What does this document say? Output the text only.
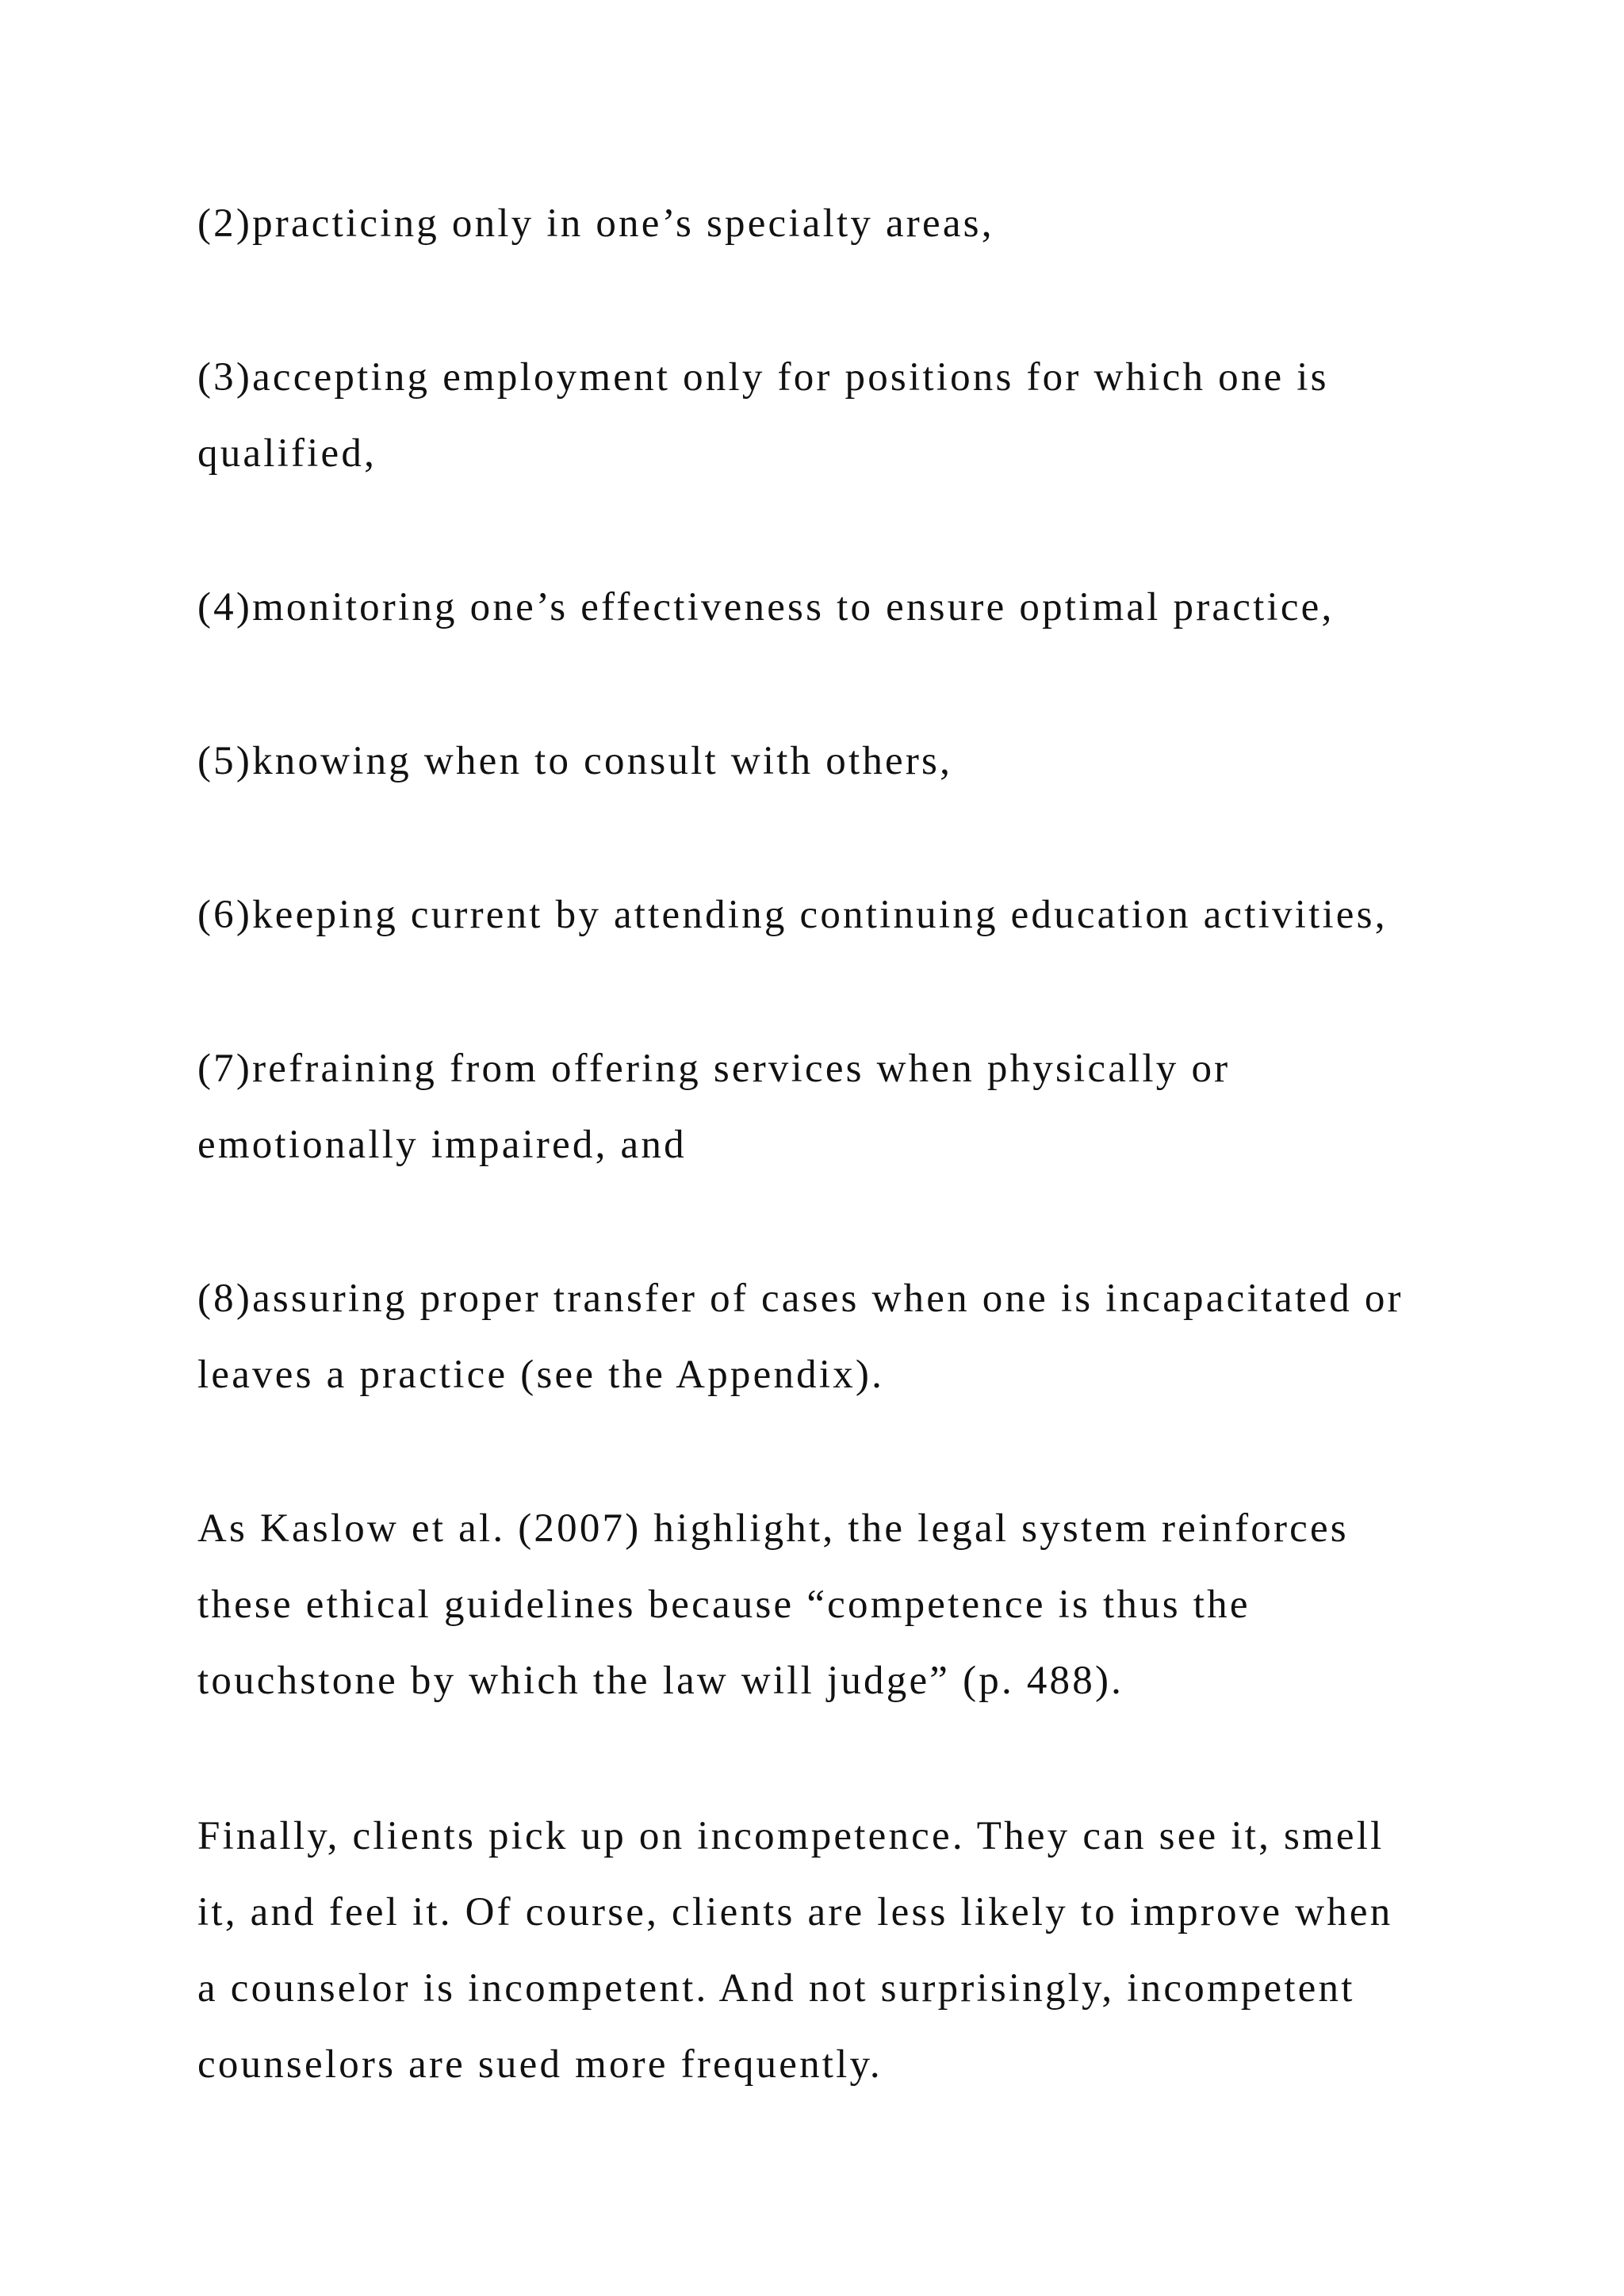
(2)practicing only in one’s specialty areas,

(3)accepting employment only for positions for which one is
qualified,

(4)monitoring one’s effectiveness to ensure optimal practice,

(5)knowing when to consult with others,

(6)keeping current by attending continuing education activities,

(7)refraining from offering services when physically or
emotionally impaired, and

(8)assuring proper transfer of cases when one is incapacitated or
leaves a practice (see the Appendix).

As Kaslow et al. (2007) highlight, the legal system reinforces
these ethical guidelines because “competence is thus the
touchstone by which the law will judge” (p. 488).

Finally, clients pick up on incompetence. They can see it, smell
it, and feel it. Of course, clients are less likely to improve when
a counselor is incompetent. And not surprisingly, incompetent
counselors are sued more frequently.
